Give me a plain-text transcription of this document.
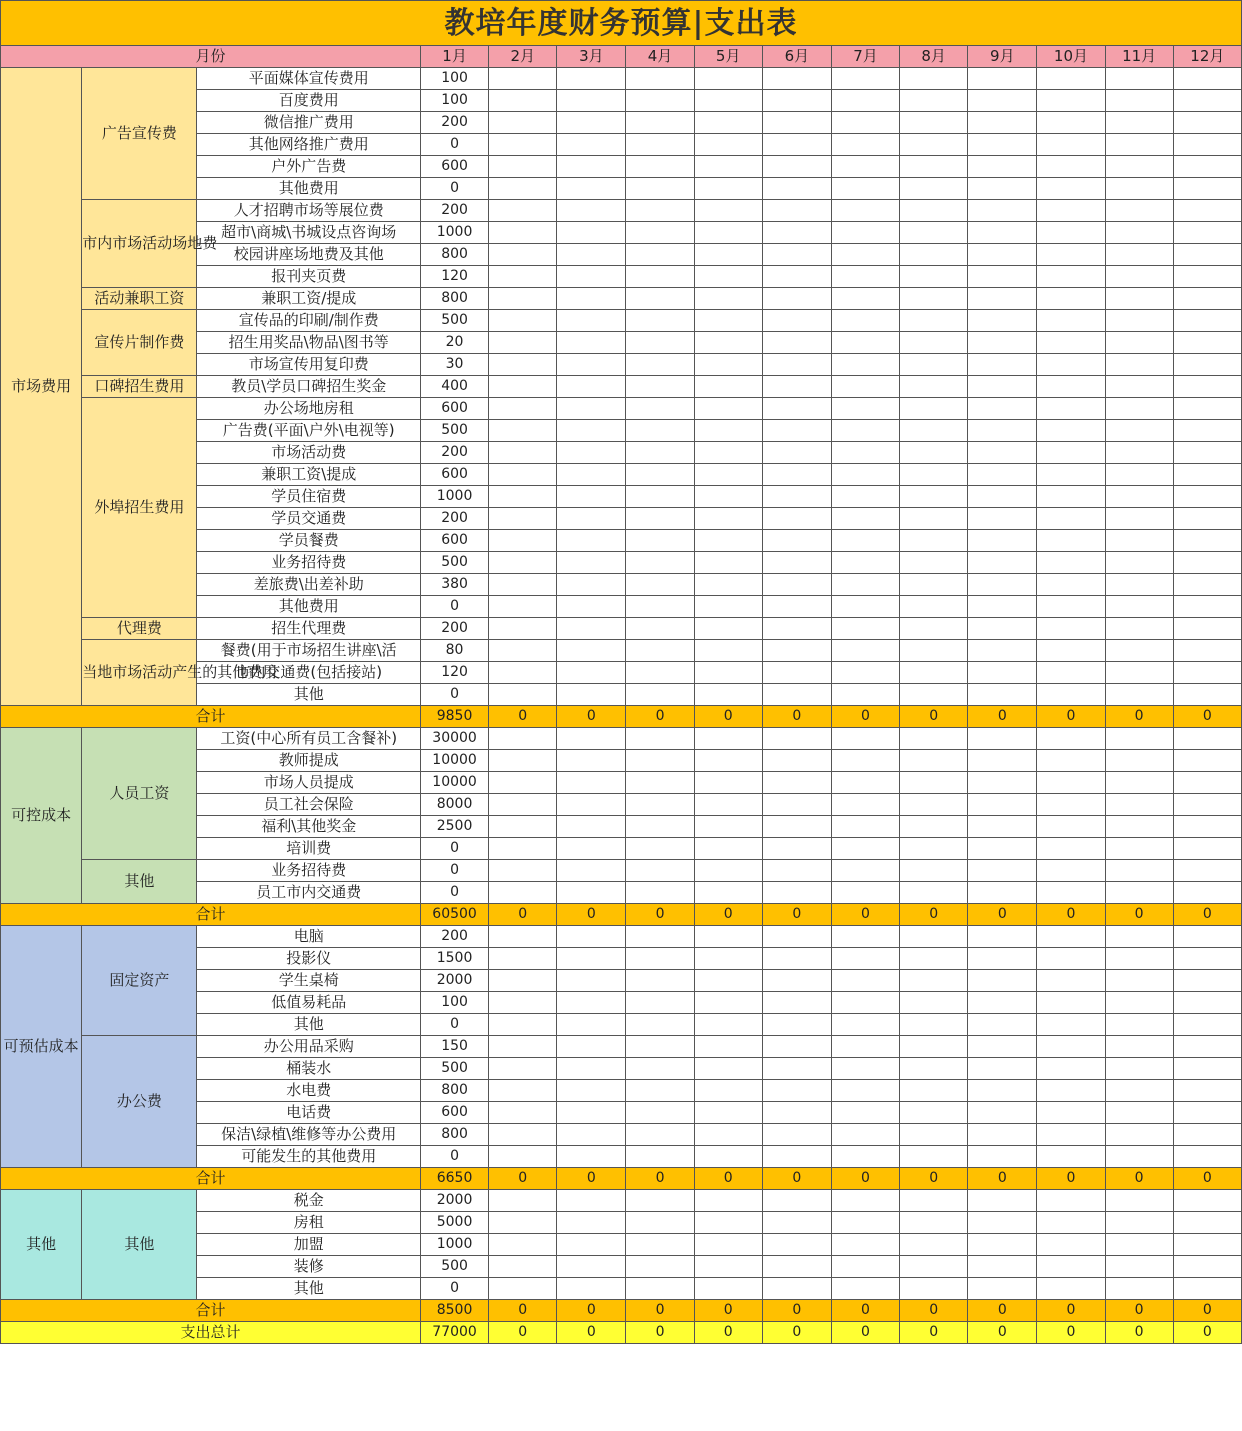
教培年度财务预算|支出表														
月份			1月	2月	3月	4月	5月	6月	7月	8月	9月	10月	11月	12月
市场费用	广告宣传费	平面媒体宣传费用	100											
		百度费用	100											
		微信推广费用	200											
		其他网络推广费用	0											
		户外广告费	600											
		其他费用	0											
	市内市场活动场地费	人才招聘市场等展位费	200											
		超市\商城\书城设点咨询场	1000											
		校园讲座场地费及其他	800											
		报刊夹页费	120											
	活动兼职工资	兼职工资/提成	800											
	宣传片制作费	宣传品的印刷/制作费	500											
		招生用奖品\物品\图书等	20											
		市场宣传用复印费	30											
	口碑招生费用	教员\学员口碑招生奖金	400											
	外埠招生费用	办公场地房租	600											
		广告费(平面\户外\电视等)	500											
		市场活动费	200											
		兼职工资\提成	600											
		学员住宿费	1000											
		学员交通费	200											
		学员餐费	600											
		业务招待费	500											
		差旅费\出差补助	380											
		其他费用	0											
	代理费	招生代理费	200											
	当地市场活动产生的其他费用	餐费(用于市场招生讲座\活	80											
		市内交通费(包括接站)	120											
		其他	0											
合计			9850	0	0	0	0	0	0	0	0	0	0	0
可控成本	人员工资	工资(中心所有员工含餐补)	30000											
		教师提成	10000											
		市场人员提成	10000											
		员工社会保险	8000											
		福利\其他奖金	2500											
		培训费	0											
	其他	业务招待费	0											
		员工市内交通费	0											
合计			60500	0	0	0	0	0	0	0	0	0	0	0
可预估成本	固定资产	电脑	200											
		投影仪	1500											
		学生桌椅	2000											
		低值易耗品	100											
		其他	0											
	办公费	办公用品采购	150											
		桶装水	500											
		水电费	800											
		电话费	600											
		保洁\绿植\维修等办公费用	800											
		可能发生的其他费用	0											
合计			6650	0	0	0	0	0	0	0	0	0	0	0
其他	其他	税金	2000											
		房租	5000											
		加盟	1000											
		装修	500											
		其他	0											
合计			8500	0	0	0	0	0	0	0	0	0	0	0
支出总计			77000	0	0	0	0	0	0	0	0	0	0	0
